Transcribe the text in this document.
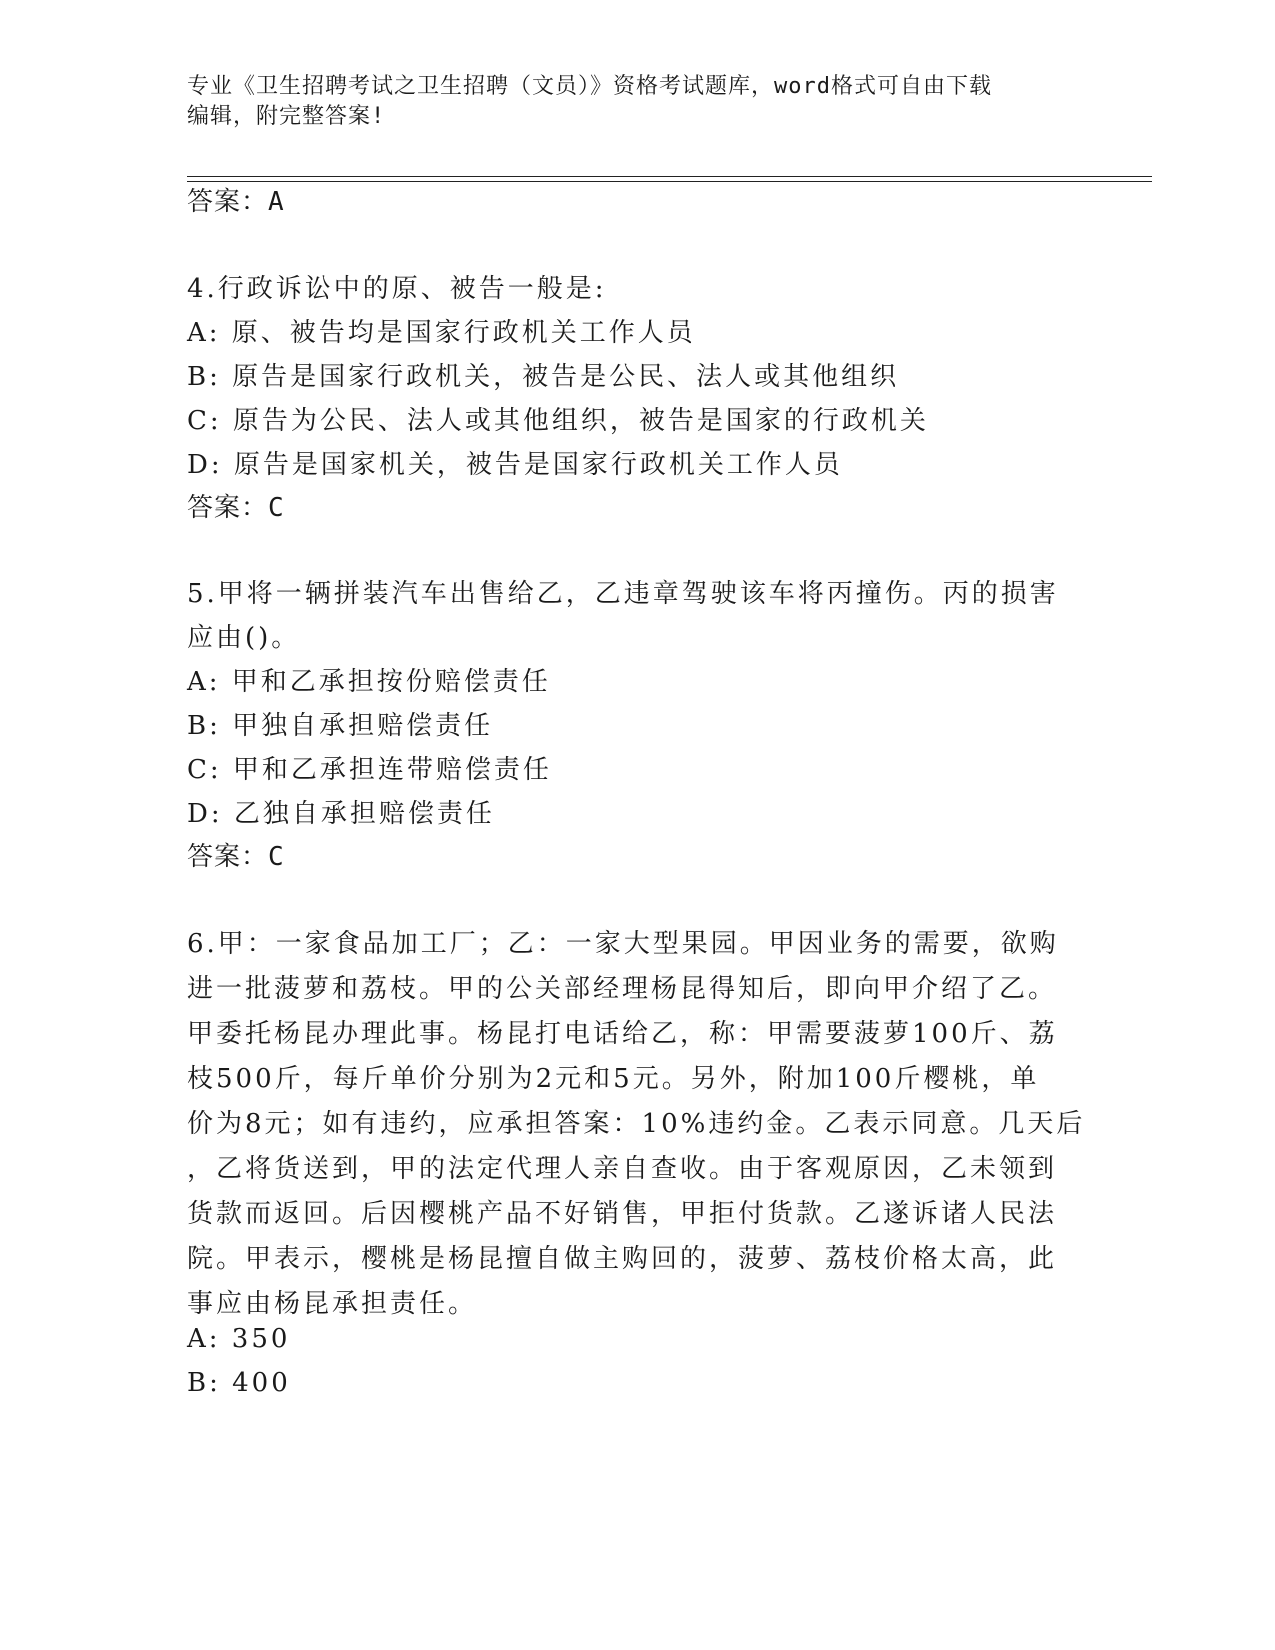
专业《卫生招聘考试之卫生招聘（文员）》资格考试题库，word格式可自由下载
编辑，附完整答案!
答案：A
4.行政诉讼中的原、被告一般是:
A: 原、被告均是国家行政机关工作人员
B: 原告是国家行政机关，被告是公民、法人或其他组织
C: 原告为公民、法人或其他组织，被告是国家的行政机关
D: 原告是国家机关，被告是国家行政机关工作人员
答案：C
5.甲将一辆拼装汽车出售给乙，乙违章驾驶该车将丙撞伤。丙的损害
应由()。
A: 甲和乙承担按份赔偿责任
B: 甲独自承担赔偿责任
C: 甲和乙承担连带赔偿责任
D: 乙独自承担赔偿责任
答案：C
6.甲：一家食品加工厂；乙：一家大型果园。甲因业务的需要，欲购
进一批菠萝和荔枝。甲的公关部经理杨昆得知后，即向甲介绍了乙。
甲委托杨昆办理此事。杨昆打电话给乙，称：甲需要菠萝100斤、荔
枝500斤，每斤单价分别为2元和5元。另外，附加100斤樱桃，单
价为8元；如有违约，应承担答案：10%违约金。乙表示同意。几天后
，乙将货送到，甲的法定代理人亲自查收。由于客观原因，乙未领到
货款而返回。后因樱桃产品不好销售，甲拒付货款。乙遂诉诸人民法
院。甲表示，樱桃是杨昆擅自做主购回的，菠萝、荔枝价格太高，此
事应由杨昆承担责任。
A: 350
B: 400
